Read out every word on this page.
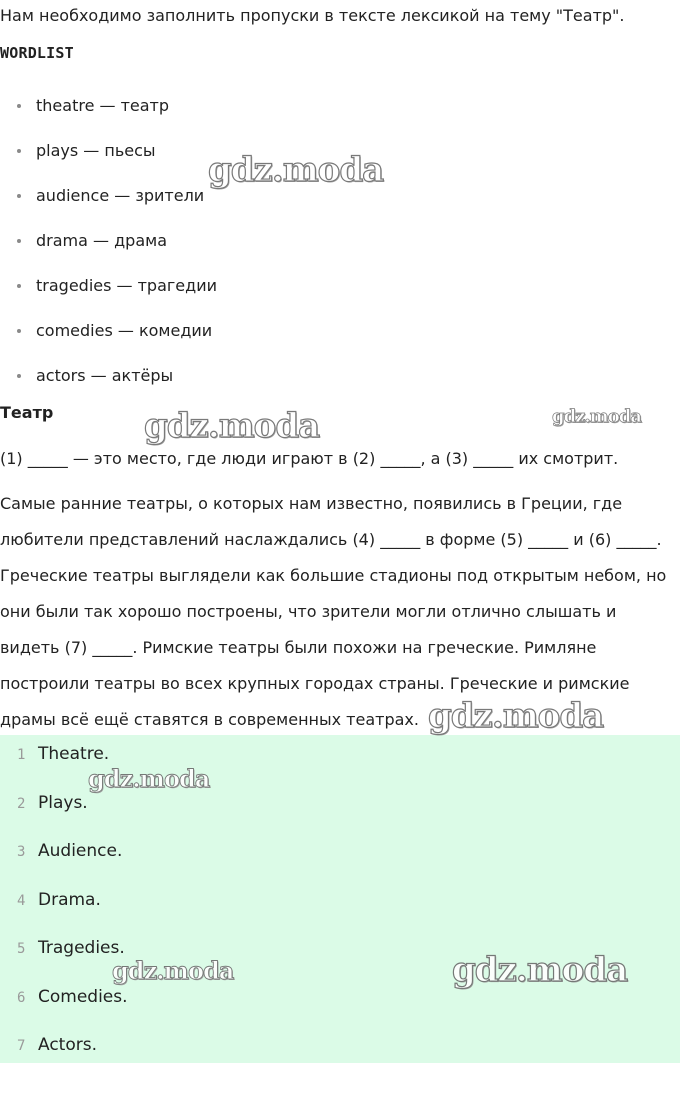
Нам необходимо заполнить пропуски в тексте лексикой на тему "Театр".
WORDLIST
theatre — театр
plays — пьесы
audience — зрители
drama — драма
tragedies — трагедии
comedies — комедии
actors — актёры
Театр
(1) _____ — это место, где люди играют в (2) _____, а (3) _____ их смотрит.
Самые ранние театры, о которых нам известно, появились в Греции, где любители представлений наслаждались (4) _____ в форме (5) _____ и (6) _____. Греческие театры выглядели как большие стадионы под открытым небом, но они были так хорошо построены, что зрители могли отлично слышать и видеть (7) _____. Римские театры были похожи на греческие. Римляне построили театры во всех крупных городах страны. Греческие и римские драмы всё ещё ставятся в современных театрах.
1 Theatre.
2 Plays.
3 Audience.
4 Drama.
5 Tragedies.
6 Comedies.
7 Actors.
gdz.moda
gdz.moda	gdz.moda
gdz.moda
gdz.moda
gdz.moda	gdz.moda
